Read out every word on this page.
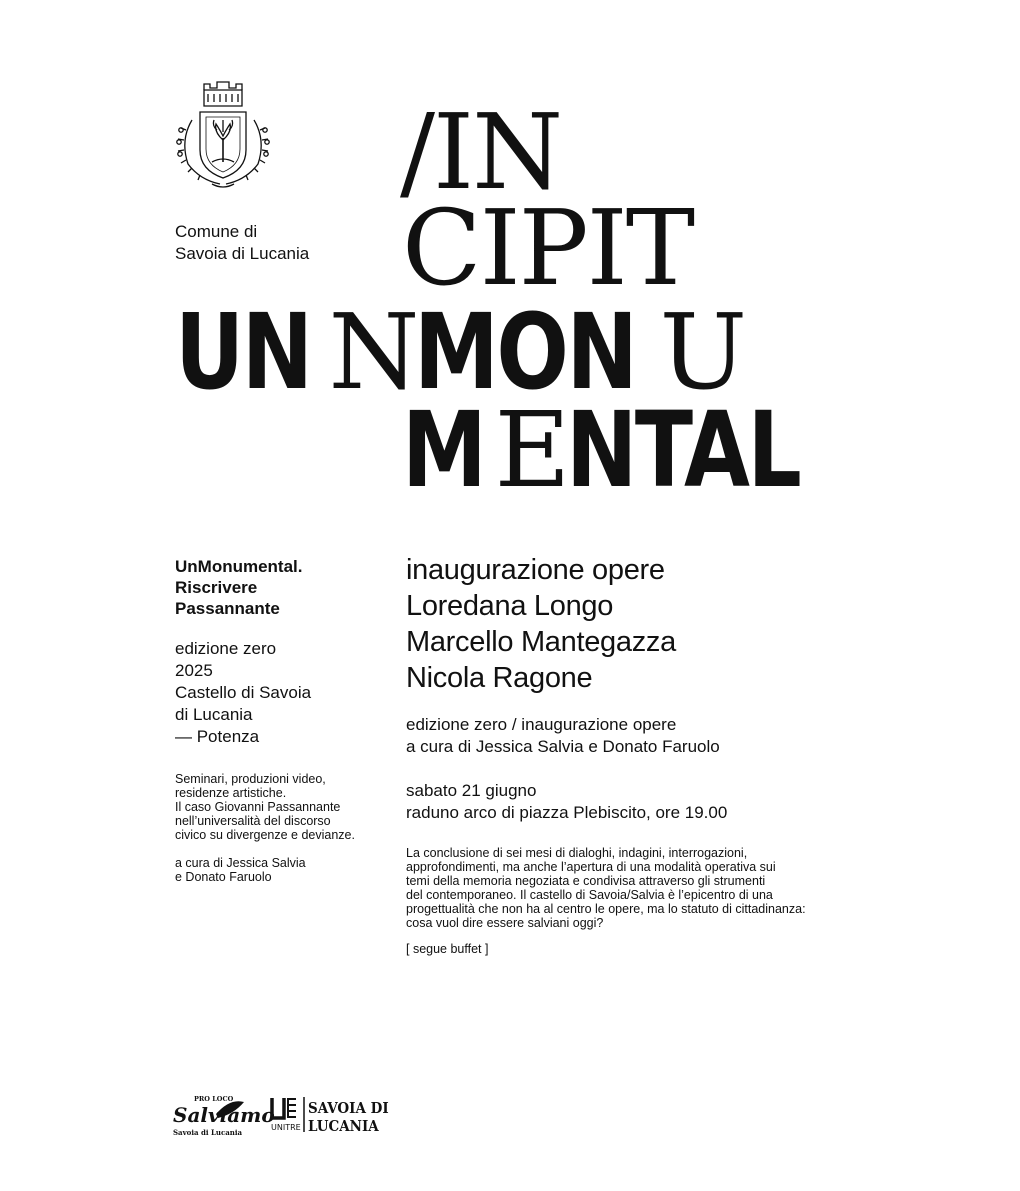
Comune di
Savoia di Lucania
/IN
CIPIT
UN NMON U
MENTAL
UnMonumental.
Riscrivere
Passannante
edizione zero
2025
Castello di Savoia
di Lucania
— Potenza
Seminari, produzioni video,
residenze artistiche.
Il caso Giovanni Passannante
nell’universalità del discorso
civico su divergenze e devianze.
a cura di Jessica Salvia
e Donato Faruolo
inaugurazione opere
Loredana Longo
Marcello Mantegazza
Nicola Ragone
edizione zero / inaugurazione opere
a cura di Jessica Salvia e Donato Faruolo
sabato 21 giugno
raduno arco di piazza Plebiscito, ore 19.00
La conclusione di sei mesi di dialoghi, indagini, interrogazioni,
approfondimenti, ma anche l’apertura di una modalità operativa sui
temi della memoria negoziata e condivisa attraverso gli strumenti
del contemporaneo. Il castello di Savoia/Salvia è l’epicentro di una
progettualità che non ha al centro le opere, ma lo statuto di cittadinanza:
cosa vuol dire essere salviani oggi?
[ segue buffet ]
PRO LOCO
Salviamo
Savoia di Lucania
UNITRE
SAVOIA DI
LUCANIA
